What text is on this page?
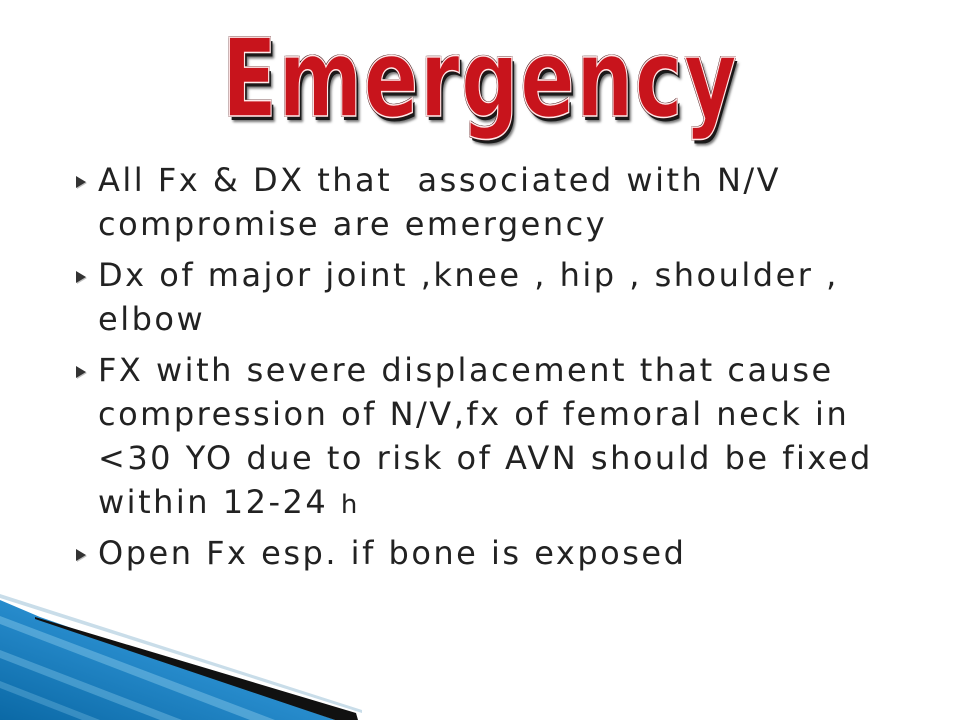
Emergency
All Fx & DX that  associated with N/V
compromise are emergency
Dx of major joint ,knee , hip , shoulder ,
elbow
FX with severe displacement that cause
compression of N/V,fx of femoral neck in
<30 YO due to risk of AVN should be fixed
within 12-24 h
Open Fx esp. if bone is exposed
